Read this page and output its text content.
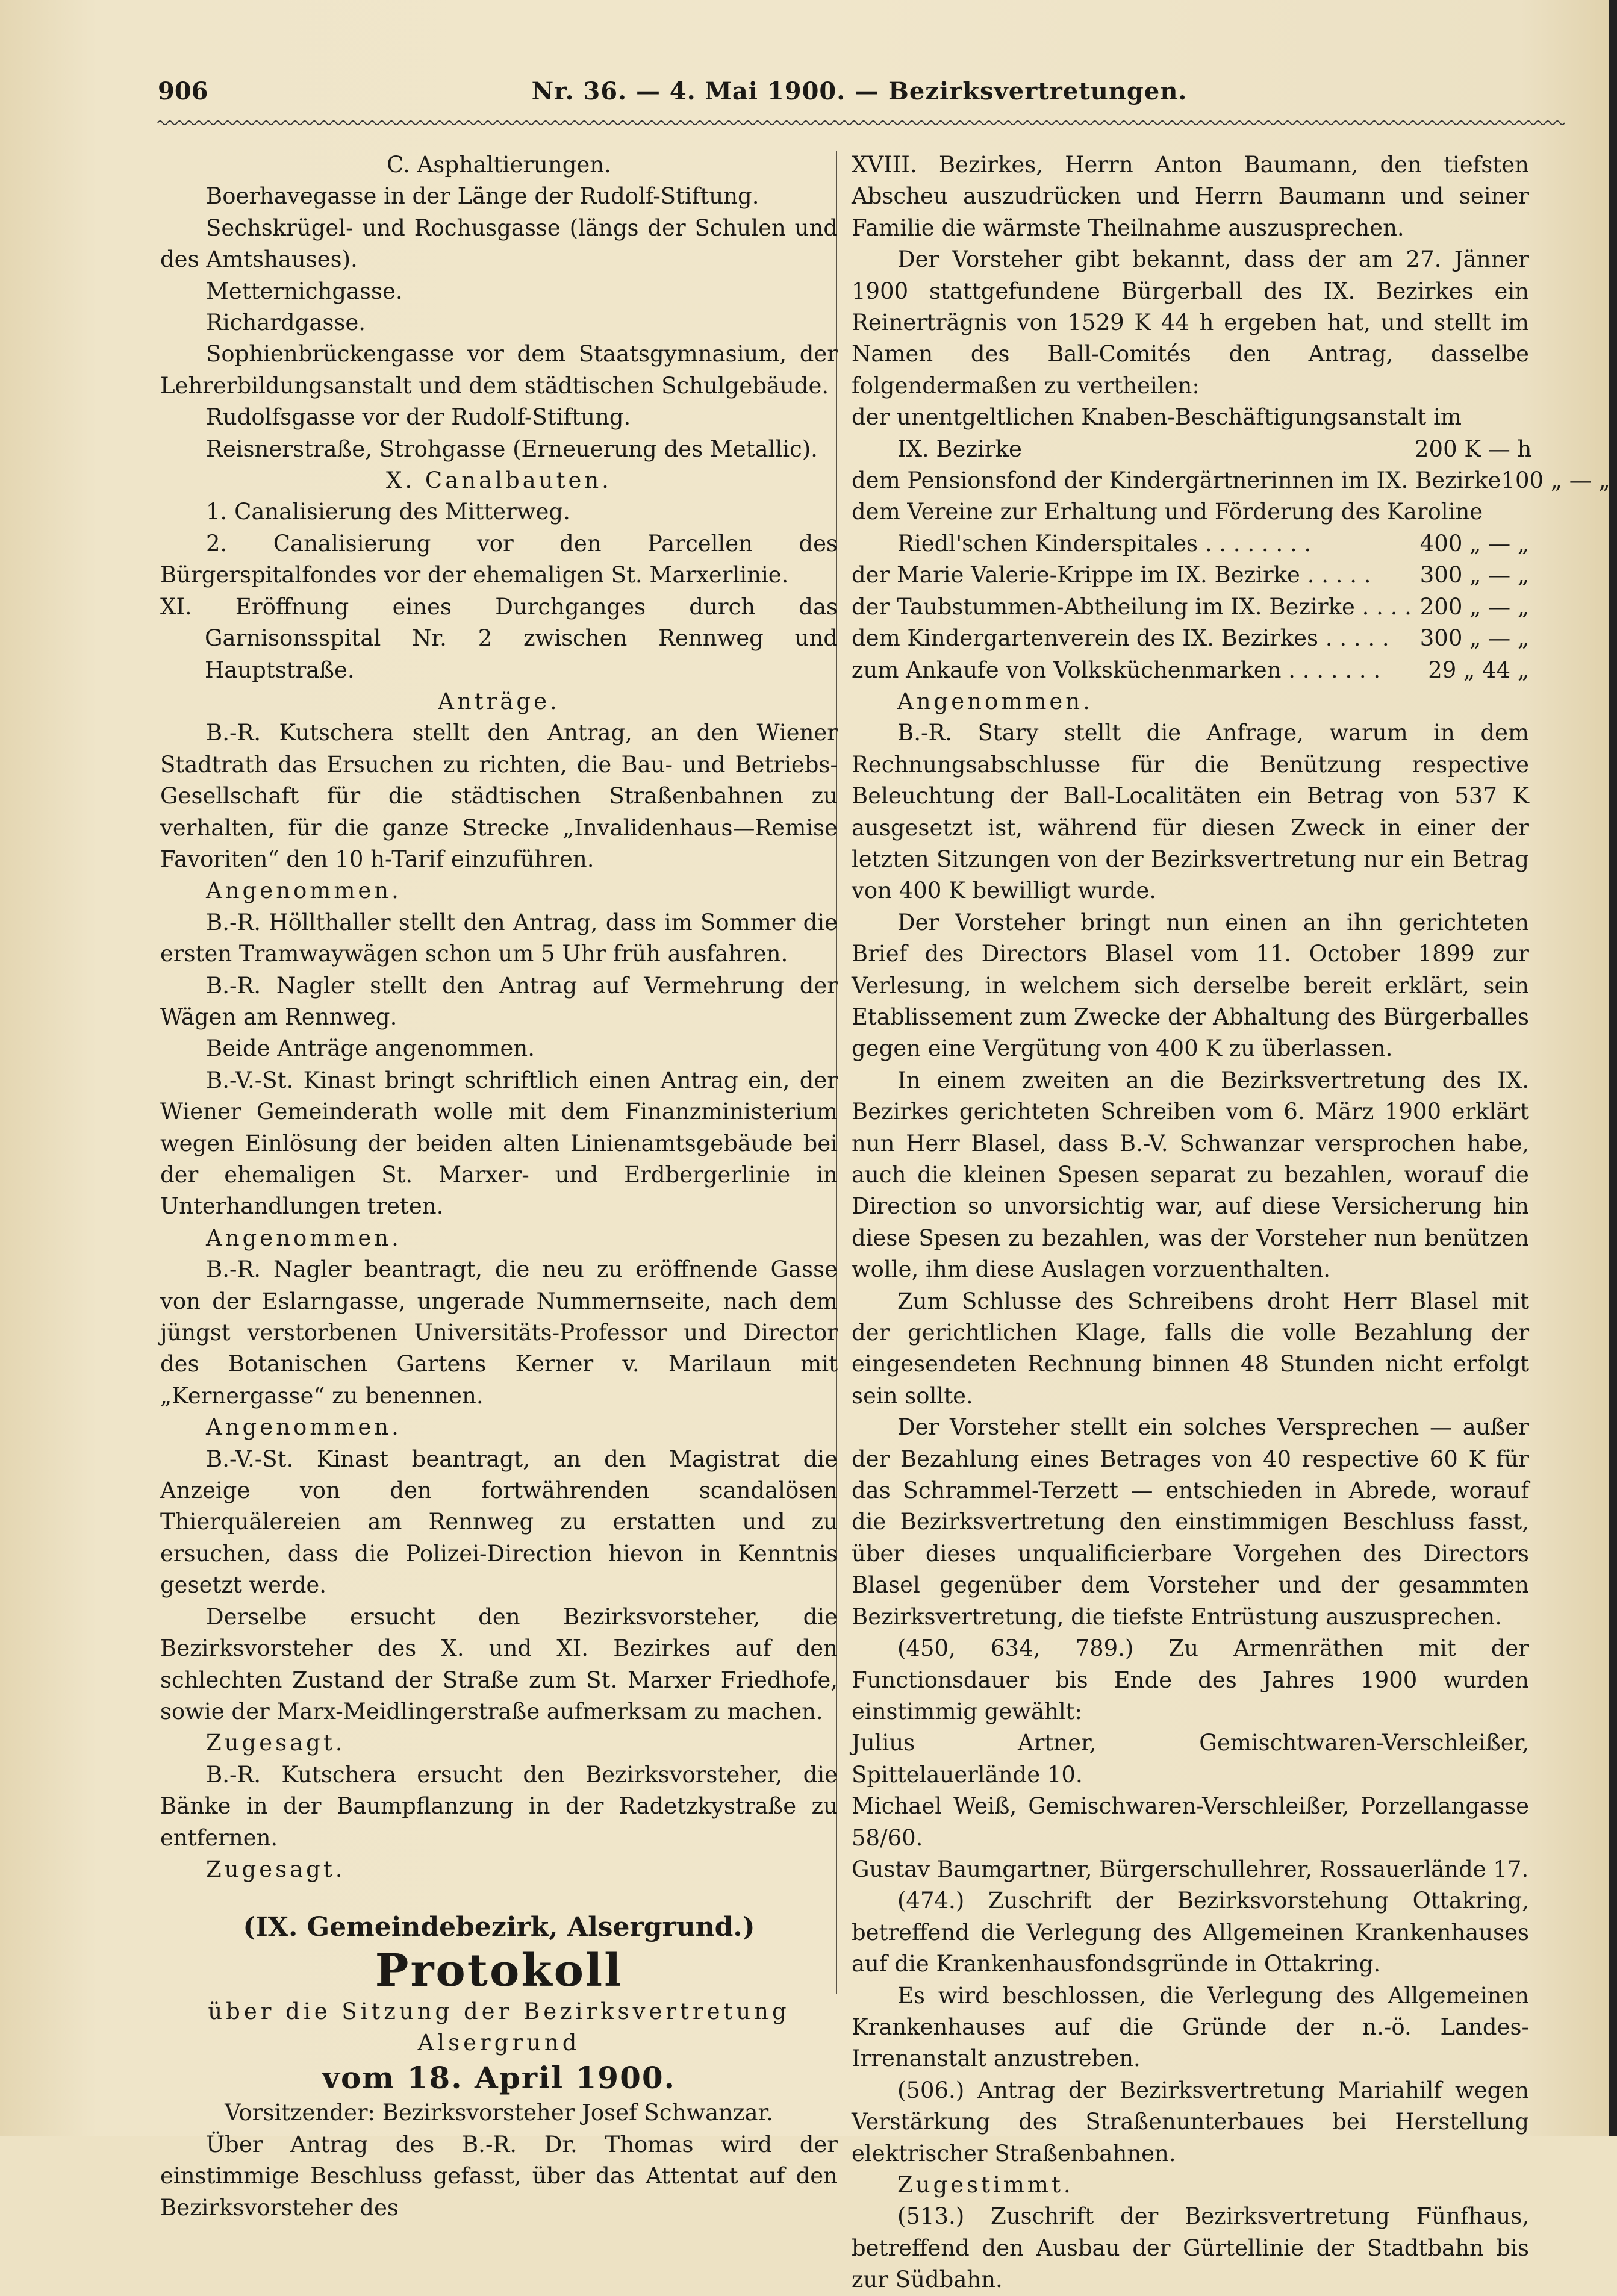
906	Nr. 36. — 4. Mai 1900. — Bezirksvertretungen.

C. Asphaltierungen.

Boerhavegasse in der Länge der Rudolf-Stiftung.

Sechskrügel- und Rochusgasse (längs der Schulen und des Amtshauses).

Metternichgasse.

Richardgasse.

Sophienbrückengasse vor dem Staatsgymnasium, der Lehrerbildungsanstalt und dem städtischen Schulgebäude.

Rudolfsgasse vor der Rudolf-Stiftung.

Reisnerstraße, Strohgasse (Erneuerung des Metallic).

X. Canalbauten.

1. Canalisierung des Mitterweg.

2. Canalisierung vor den Parcellen des Bürgerspitalfondes vor der ehemaligen St. Marxerlinie.

XI. Eröffnung eines Durchganges durch das Garnisonsspital Nr. 2 zwischen Rennweg und Hauptstraße.

Anträge.

B.-R. Kutschera stellt den Antrag, an den Wiener Stadtrath das Ersuchen zu richten, die Bau- und Betriebs-Gesellschaft für die städtischen Straßenbahnen zu verhalten, für die ganze Strecke „Invalidenhaus—Remise Favoriten“ den 10 h-Tarif einzuführen.

Angenommen.

B.-R. Höllthaller stellt den Antrag, dass im Sommer die ersten Tramwaywägen schon um 5 Uhr früh ausfahren.

B.-R. Nagler stellt den Antrag auf Vermehrung der Wägen am Rennweg.

Beide Anträge angenommen.

B.-V.-St. Kinast bringt schriftlich einen Antrag ein, der Wiener Gemeinderath wolle mit dem Finanzministerium wegen Einlösung der beiden alten Linienamtsgebäude bei der ehemaligen St. Marxer- und Erdbergerlinie in Unterhandlungen treten.

Angenommen.

B.-R. Nagler beantragt, die neu zu eröffnende Gasse von der Eslarngasse, ungerade Nummernseite, nach dem jüngst verstorbenen Universitäts-Professor und Director des Botanischen Gartens Kerner v. Marilaun mit „Kernergasse“ zu benennen.

Angenommen.

B.-V.-St. Kinast beantragt, an den Magistrat die Anzeige von den fortwährenden scandalösen Thierquälereien am Rennweg zu erstatten und zu ersuchen, dass die Polizei-Direction hievon in Kenntnis gesetzt werde.

Derselbe ersucht den Bezirksvorsteher, die Bezirksvorsteher des X. und XI. Bezirkes auf den schlechten Zustand der Straße zum St. Marxer Friedhofe, sowie der Marx-Meidlingerstraße aufmerksam zu machen.

Zugesagt.

B.-R. Kutschera ersucht den Bezirksvorsteher, die Bänke in der Baumpflanzung in der Radetzkystraße zu entfernen.

Zugesagt.

(IX. Gemeindebezirk, Alsergrund.)
Protokoll
über die Sitzung der Bezirksvertretung Alsergrund
vom 18. April 1900.

Vorsitzender: Bezirksvorsteher Josef Schwanzar.

Über Antrag des B.-R. Dr. Thomas wird der einstimmige Beschluss gefasst, über das Attentat auf den Bezirksvorsteher des

XVIII. Bezirkes, Herrn Anton Baumann, den tiefsten Abscheu auszudrücken und Herrn Baumann und seiner Familie die wärmste Theilnahme auszusprechen.

Der Vorsteher gibt bekannt, dass der am 27. Jänner 1900 stattgefundene Bürgerball des IX. Bezirkes ein Reinerträgnis von 1529 K 44 h ergeben hat, und stellt im Namen des Ball-Comités den Antrag, dasselbe folgendermaßen zu vertheilen:

der unentgeltlichen Knaben-Beschäftigungsanstalt im

IX. Bezirke	200 K — h
dem Pensionsfond der Kindergärtnerinnen im IX. Bezirke 100 „ — „
dem Vereine zur Erhaltung und Förderung des Karoline
Riedl'schen Kinderspitales . . . . . . . .	400 „ — „
der Marie Valerie-Krippe im IX. Bezirke . . . . .	300 „ — „
der Taubstummen-Abtheilung im IX. Bezirke . . . . 200 „ — „
dem Kindergartenverein des IX. Bezirkes . . . . .	300 „ — „
zum Ankaufe von Volksküchenmarken . . . . . . .	29 „ 44 „

Angenommen.

B.-R. Stary stellt die Anfrage, warum in dem Rechnungsabschlusse für die Benützung respective Beleuchtung der Ball-Localitäten ein Betrag von 537 K ausgesetzt ist, während für diesen Zweck in einer der letzten Sitzungen von der Bezirksvertretung nur ein Betrag von 400 K bewilligt wurde.

Der Vorsteher bringt nun einen an ihn gerichteten Brief des Directors Blasel vom 11. October 1899 zur Verlesung, in welchem sich derselbe bereit erklärt, sein Etablissement zum Zwecke der Abhaltung des Bürgerballes gegen eine Vergütung von 400 K zu überlassen.

In einem zweiten an die Bezirksvertretung des IX. Bezirkes gerichteten Schreiben vom 6. März 1900 erklärt nun Herr Blasel, dass B.-V. Schwanzar versprochen habe, auch die kleinen Spesen separat zu bezahlen, worauf die Direction so unvorsichtig war, auf diese Versicherung hin diese Spesen zu bezahlen, was der Vorsteher nun benützen wolle, ihm diese Auslagen vorzuenthalten.

Zum Schlusse des Schreibens droht Herr Blasel mit der gerichtlichen Klage, falls die volle Bezahlung der eingesendeten Rechnung binnen 48 Stunden nicht erfolgt sein sollte.

Der Vorsteher stellt ein solches Versprechen — außer der Bezahlung eines Betrages von 40 respective 60 K für das Schrammel-Terzett — entschieden in Abrede, worauf die Bezirksvertretung den einstimmigen Beschluss fasst, über dieses unqualificierbare Vorgehen des Directors Blasel gegenüber dem Vorsteher und der gesammten Bezirksvertretung, die tiefste Entrüstung auszusprechen.

(450, 634, 789.) Zu Armenräthen mit der Functionsdauer bis Ende des Jahres 1900 wurden einstimmig gewählt:

Julius Artner, Gemischtwaren-Verschleißer, Spittelauerlände 10.

Michael Weiß, Gemischwaren-Verschleißer, Porzellangasse 58/60.

Gustav Baumgartner, Bürgerschullehrer, Rossauerlände 17.

(474.) Zuschrift der Bezirksvorstehung Ottakring, betreffend die Verlegung des Allgemeinen Krankenhauses auf die Krankenhausfondsgründe in Ottakring.

Es wird beschlossen, die Verlegung des Allgemeinen Krankenhauses auf die Gründe der n.-ö. Landes-Irrenanstalt anzustreben.

(506.) Antrag der Bezirksvertretung Mariahilf wegen Verstärkung des Straßenunterbaues bei Herstellung elektrischer Straßenbahnen.

Zugestimmt.

(513.) Zuschrift der Bezirksvertretung Fünfhaus, betreffend den Ausbau der Gürtellinie der Stadtbahn bis zur Südbahn.
